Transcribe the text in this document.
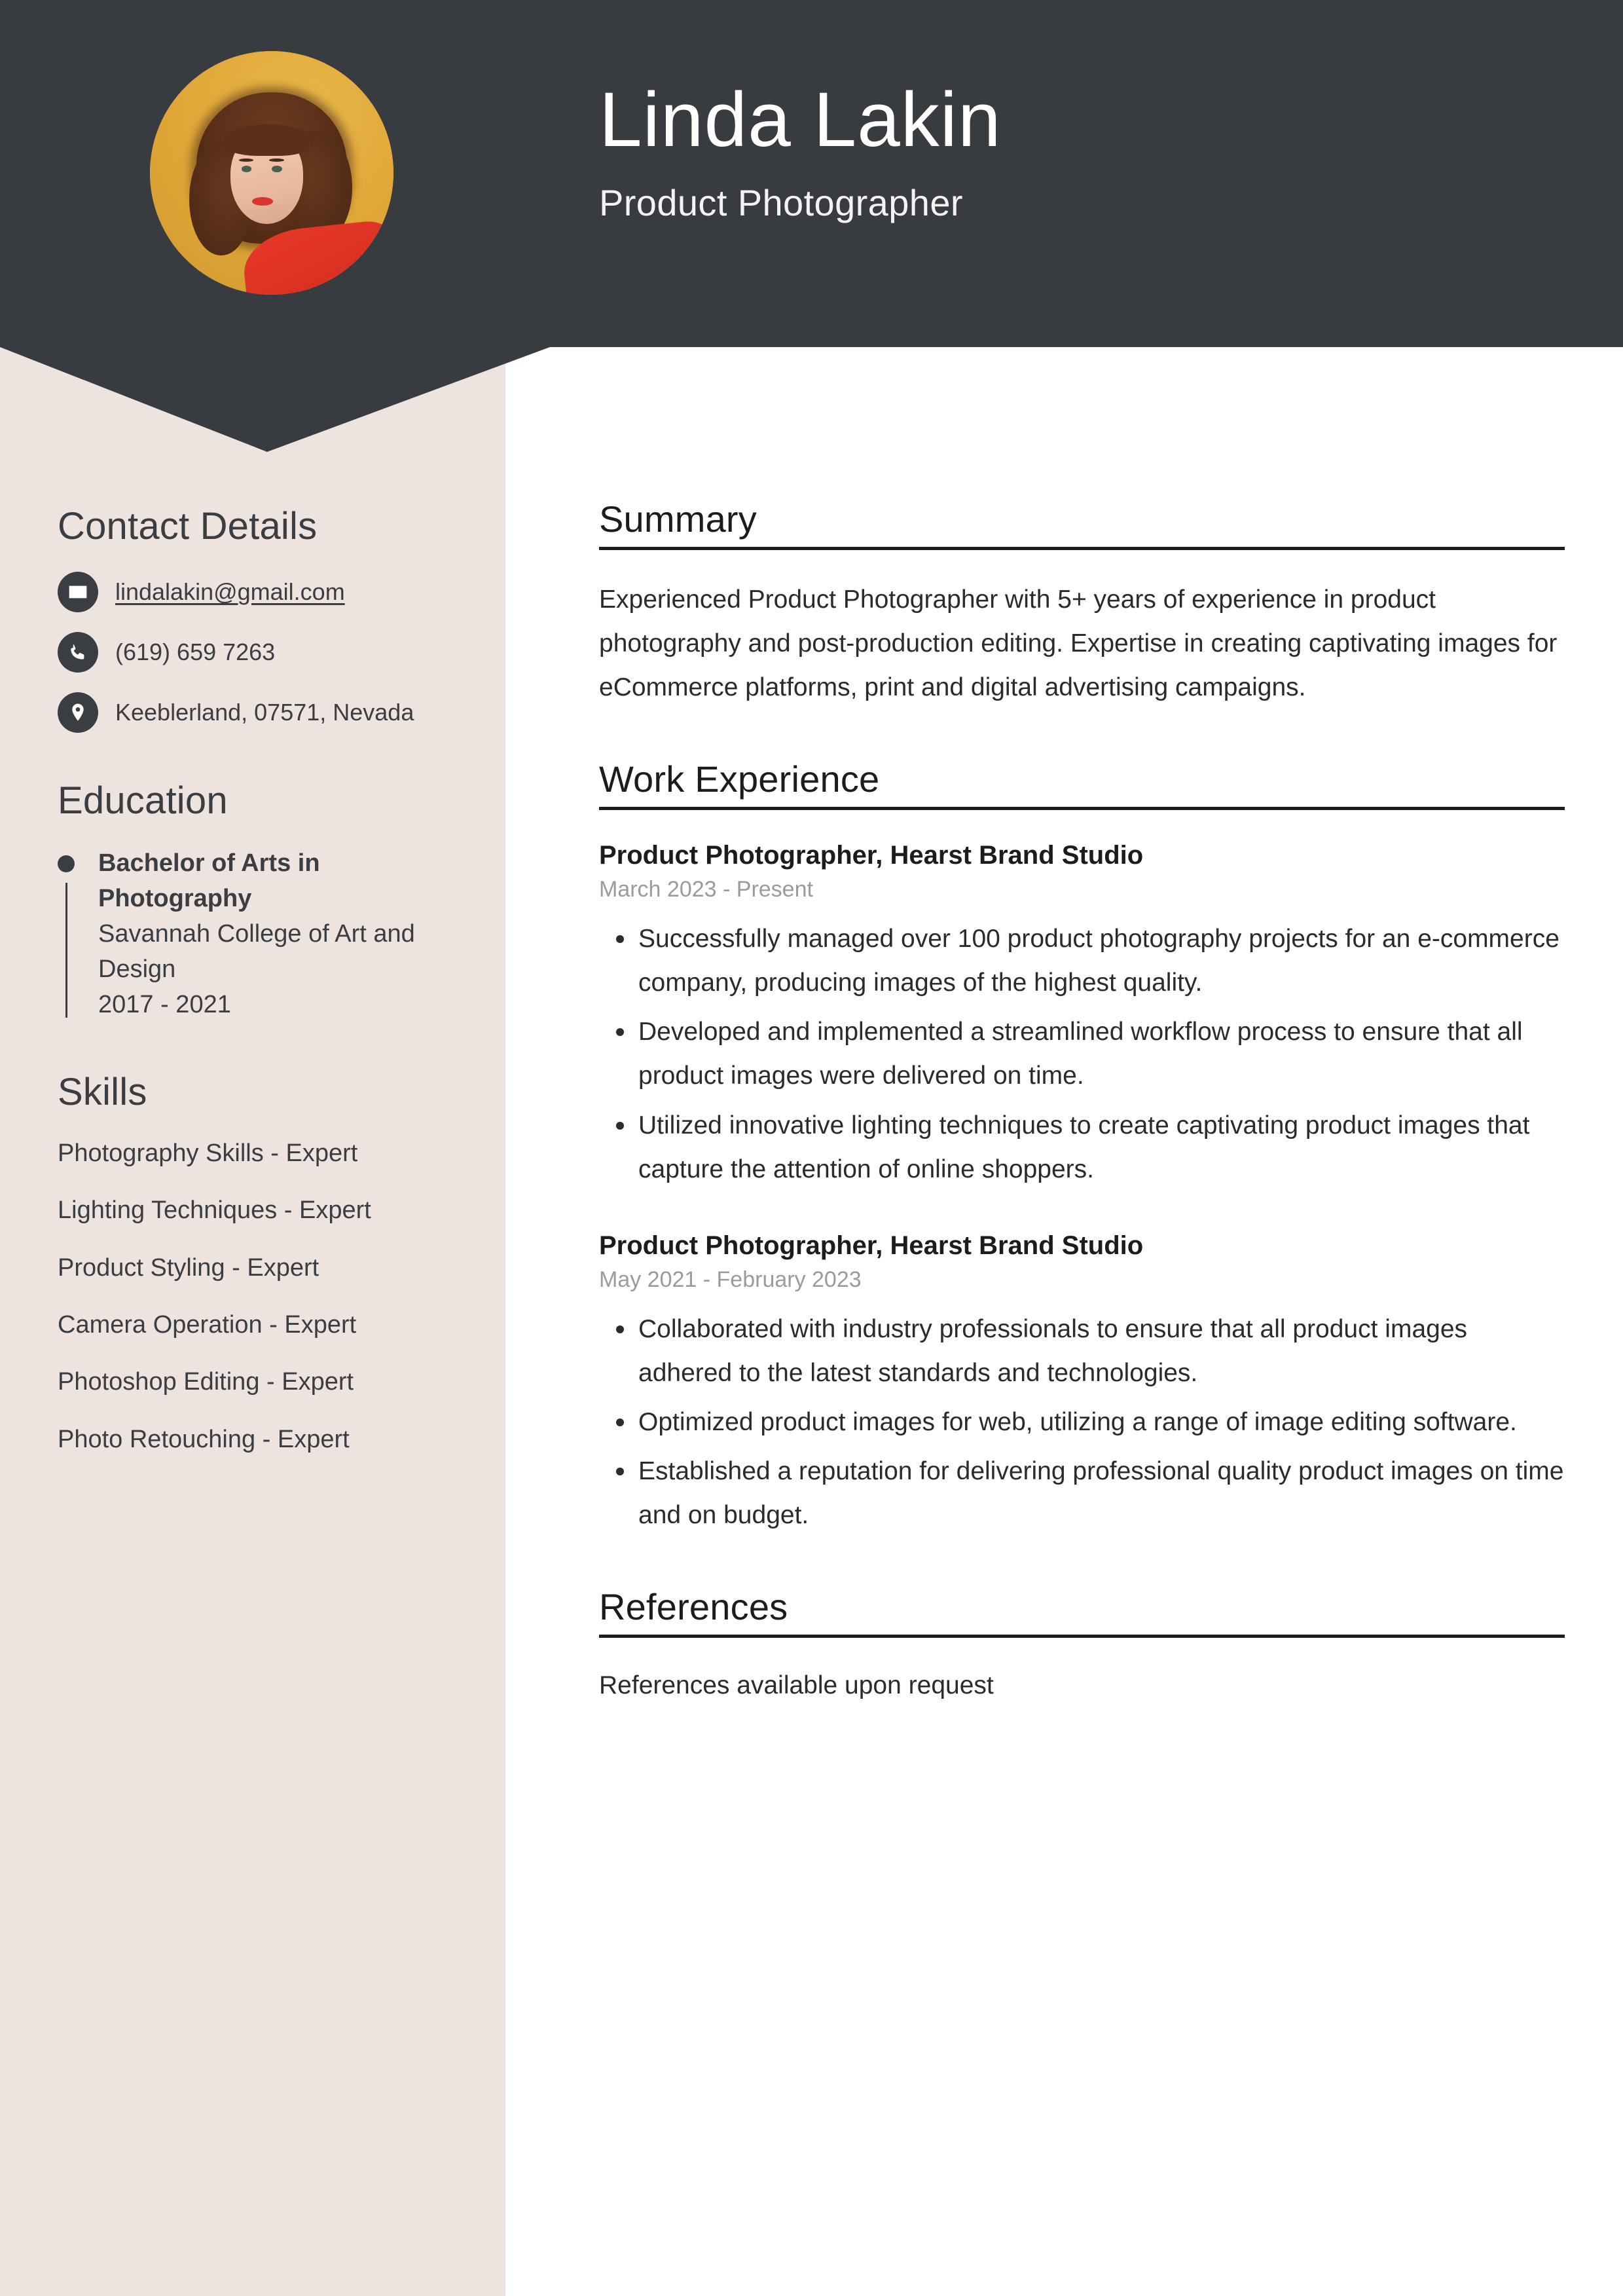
Linda Lakin
Product Photographer
Contact Details
lindalakin@gmail.com
(619) 659 7263
Keeblerland, 07571, Nevada
Education
Bachelor of Arts in Photography
Savannah College of Art and Design
2017 - 2021
Skills
Photography Skills - Expert
Lighting Techniques - Expert
Product Styling - Expert
Camera Operation - Expert
Photoshop Editing - Expert
Photo Retouching - Expert
Summary
Experienced Product Photographer with 5+ years of experience in product photography and post-production editing. Expertise in creating captivating images for eCommerce platforms, print and digital advertising campaigns.
Work Experience
Product Photographer, Hearst Brand Studio
March 2023 - Present
Successfully managed over 100 product photography projects for an e-commerce company, producing images of the highest quality.
Developed and implemented a streamlined workflow process to ensure that all product images were delivered on time.
Utilized innovative lighting techniques to create captivating product images that capture the attention of online shoppers.
Product Photographer, Hearst Brand Studio
May 2021 - February 2023
Collaborated with industry professionals to ensure that all product images adhered to the latest standards and technologies.
Optimized product images for web, utilizing a range of image editing software.
Established a reputation for delivering professional quality product images on time and on budget.
References
References available upon request
